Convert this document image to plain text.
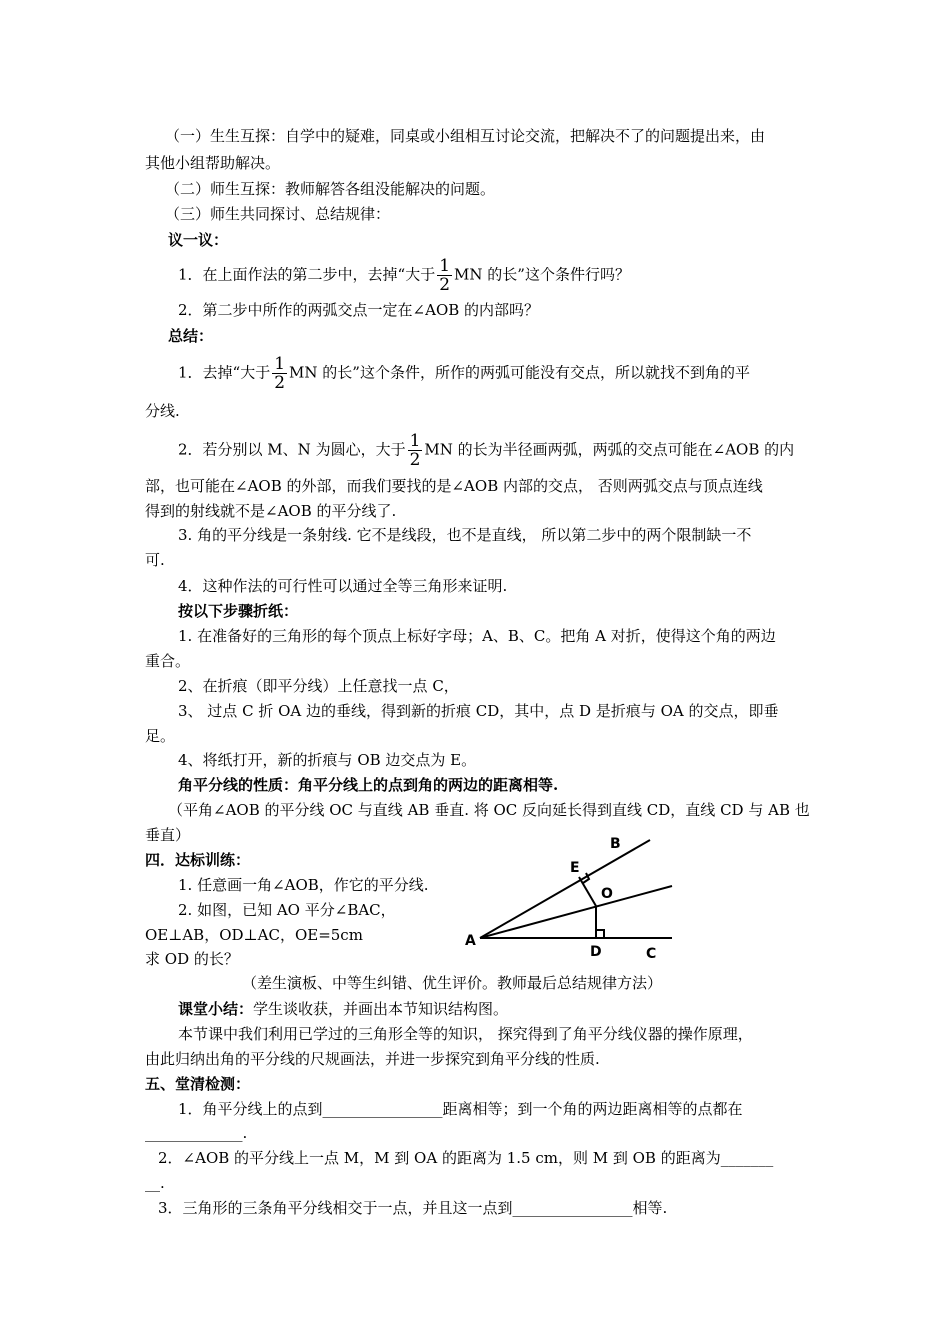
（一）生生互探：自学中的疑难，同桌或小组相互讨论交流，把解决不了的问题提出来，由
其他小组帮助解决。
（二）师生互探：教师解答各组没能解决的问题。
（三）师生共同探讨、总结规律：
议一议：
1．在上面作法的第二步中，去掉“大于 $\frac{1}{2}$ MN 的长”这个条件行吗？
2．第二步中所作的两弧交点一定在∠AOB 的内部吗？
总结：
1．去掉“大于 $\frac{1}{2}$ MN 的长”这个条件，所作的两弧可能没有交点，所以就找不到角的平
分线.
2．若分别以 M、N 为圆心，大于 $\frac{1}{2}$ MN 的长为半径画两弧，两弧的交点可能在∠AOB 的内
部，也可能在∠AOB 的外部，而我们要找的是∠AOB 内部的交点， 否则两弧交点与顶点连线
得到的射线就不是∠AOB 的平分线了.
3. 角的平分线是一条射线. 它不是线段，也不是直线， 所以第二步中的两个限制缺一不
可.
4．这种作法的可行性可以通过全等三角形来证明.
按以下步骤折纸：
1. 在准备好的三角形的每个顶点上标好字母；A、B、C。把角 A 对折，使得这个角的两边
重合。
2、在折痕（即平分线）上任意找一点 C，
3、 过点 C 折 OA 边的垂线，得到新的折痕 CD，其中，点 D 是折痕与 OA 的交点，即垂
足。
4、将纸打开，新的折痕与 OB 边交点为 E。
角平分线的性质：角平分线上的点到角的两边的距离相等.
（平角∠AOB 的平分线 OC 与直线 AB 垂直. 将 OC 反向延长得到直线 CD，直线 CD 与 AB 也
垂直）
四．达标训练：
1. 任意画一角∠AOB，作它的平分线.
2. 如图，已知 AO 平分∠BAC，
OE⊥AB，OD⊥AC，OE=5cm
求 OD 的长？
A
B
C
D
E
O
（差生演板、中等生纠错、优生评价。教师最后总结规律方法）
课堂小结：学生谈收获，并画出本节知识结构图。
本节课中我们利用已学过的三角形全等的知识， 探究得到了角平分线仪器的操作原理，
由此归纳出角的平分线的尺规画法，并进一步探究到角平分线的性质.
五、堂清检测：
1．角平分线上的点到________________距离相等；到一个角的两边距离相等的点都在
_____________.
2．∠AOB 的平分线上一点 M，M 到 OA 的距离为 1.5 cm，则 M 到 OB 的距离为_______
__.
3．三角形的三条角平分线相交于一点，并且这一点到________________相等.
